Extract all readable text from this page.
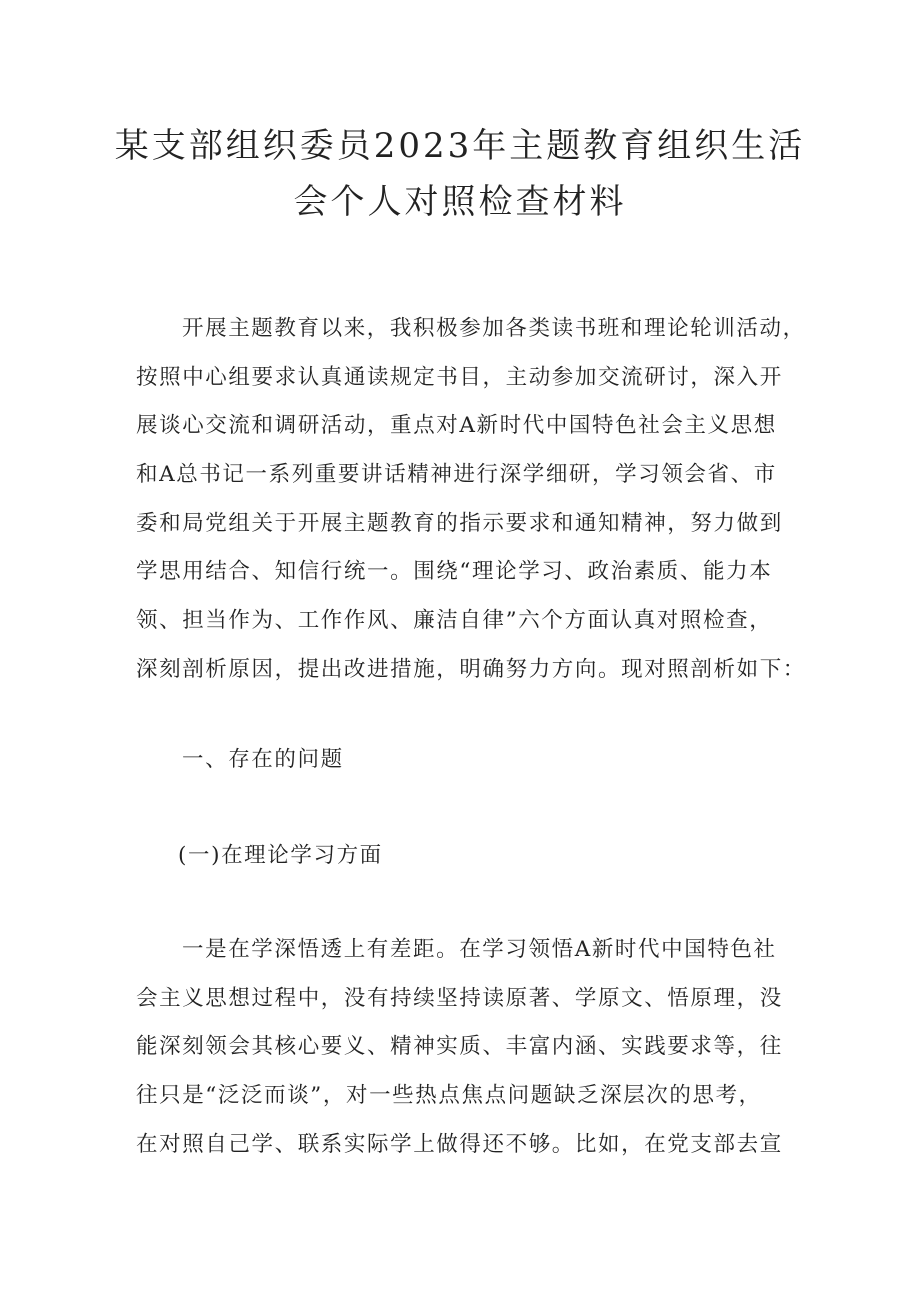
某支部组织委员2023年主题教育组织生活
会个人对照检查材料
开展主题教育以来，我积极参加各类读书班和理论轮训活动，
按照中心组要求认真通读规定书目，主动参加交流研讨，深入开
展谈心交流和调研活动，重点对A新时代中国特色社会主义思想
和A总书记一系列重要讲话精神进行深学细研，学习领会省、市
委和局党组关于开展主题教育的指示要求和通知精神，努力做到
学思用结合、知信行统一。围绕“理论学习、政治素质、能力本
领、担当作为、工作作风、廉洁自律”六个方面认真对照检查，
深刻剖析原因，提出改进措施，明确努力方向。现对照剖析如下：
一、存在的问题
(一)在理论学习方面
一是在学深悟透上有差距。在学习领悟A新时代中国特色社
会主义思想过程中，没有持续坚持读原著、学原文、悟原理，没
能深刻领会其核心要义、精神实质、丰富内涵、实践要求等，往
往只是“泛泛而谈”，对一些热点焦点问题缺乏深层次的思考，
在对照自己学、联系实际学上做得还不够。比如，在党支部去宣
